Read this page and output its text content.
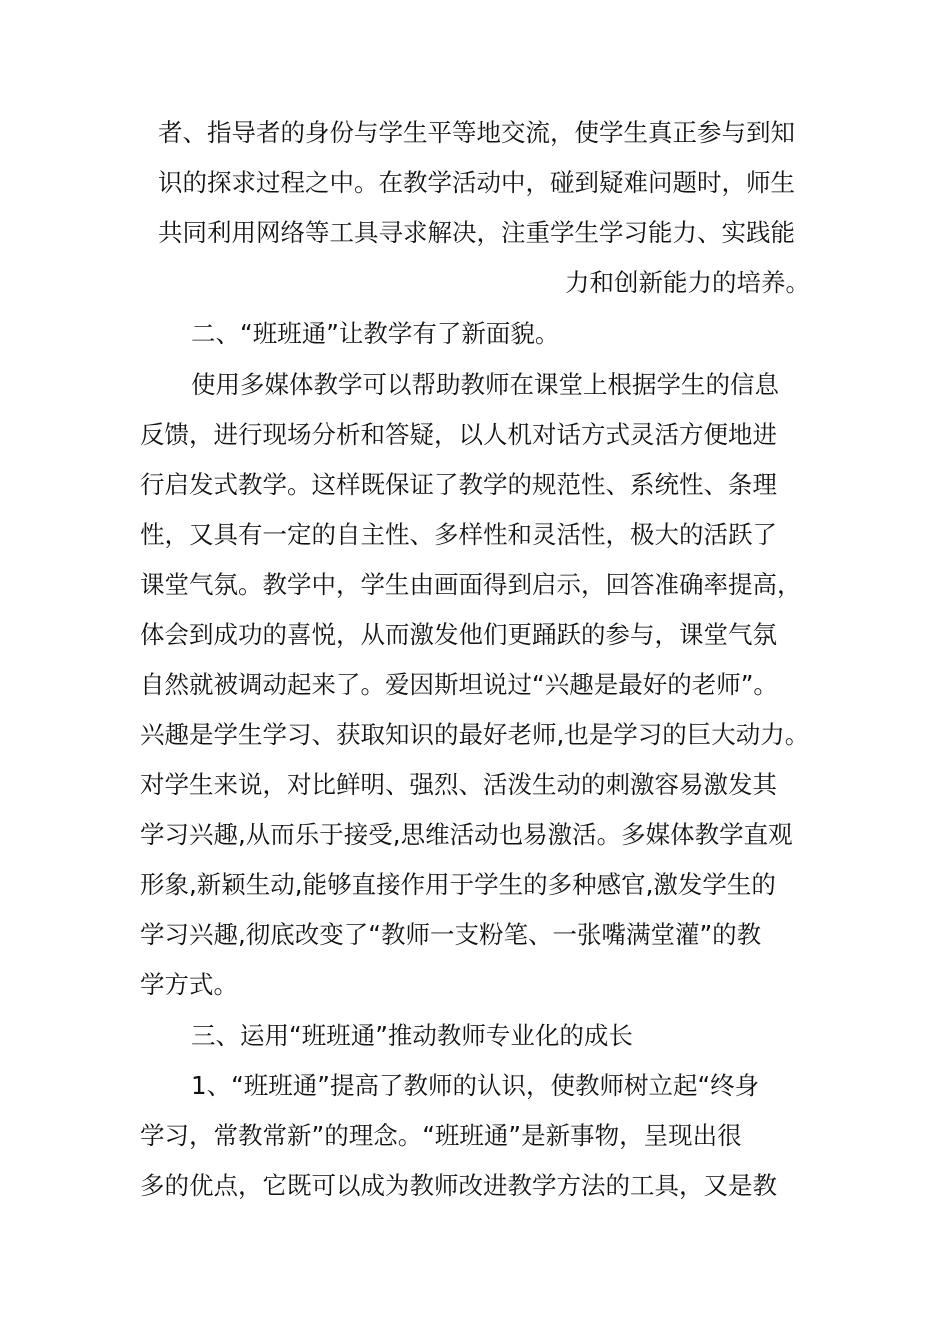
者、指导者的身份与学生平等地交流，使学生真正参与到知
识的探求过程之中。在教学活动中，碰到疑难问题时，师生
共同利用网络等工具寻求解决，注重学生学习能力、实践能
力和创新能力的培养。
二、“班班通”让教学有了新面貌。
使用多媒体教学可以帮助教师在课堂上根据学生的信息
反馈，进行现场分析和答疑，以人机对话方式灵活方便地进
行启发式教学。这样既保证了教学的规范性、系统性、条理
性，又具有一定的自主性、多样性和灵活性，极大的活跃了
课堂气氛。教学中，学生由画面得到启示，回答准确率提高，
体会到成功的喜悦，从而激发他们更踊跃的参与，课堂气氛
自然就被调动起来了。爱因斯坦说过“兴趣是最好的老师”。
兴趣是学生学习、获取知识的最好老师,也是学习的巨大动力。
对学生来说，对比鲜明、强烈、活泼生动的刺激容易激发其
学习兴趣,从而乐于接受,思维活动也易激活。多媒体教学直观
形象,新颖生动,能够直接作用于学生的多种感官,激发学生的
学习兴趣,彻底改变了“教师一支粉笔、一张嘴满堂灌”的教
学方式。
三、运用“班班通”推动教师专业化的成长
1、“班班通”提高了教师的认识，使教师树立起“终身
学习，常教常新”的理念。“班班通”是新事物，呈现出很
多的优点，它既可以成为教师改进教学方法的工具，又是教
